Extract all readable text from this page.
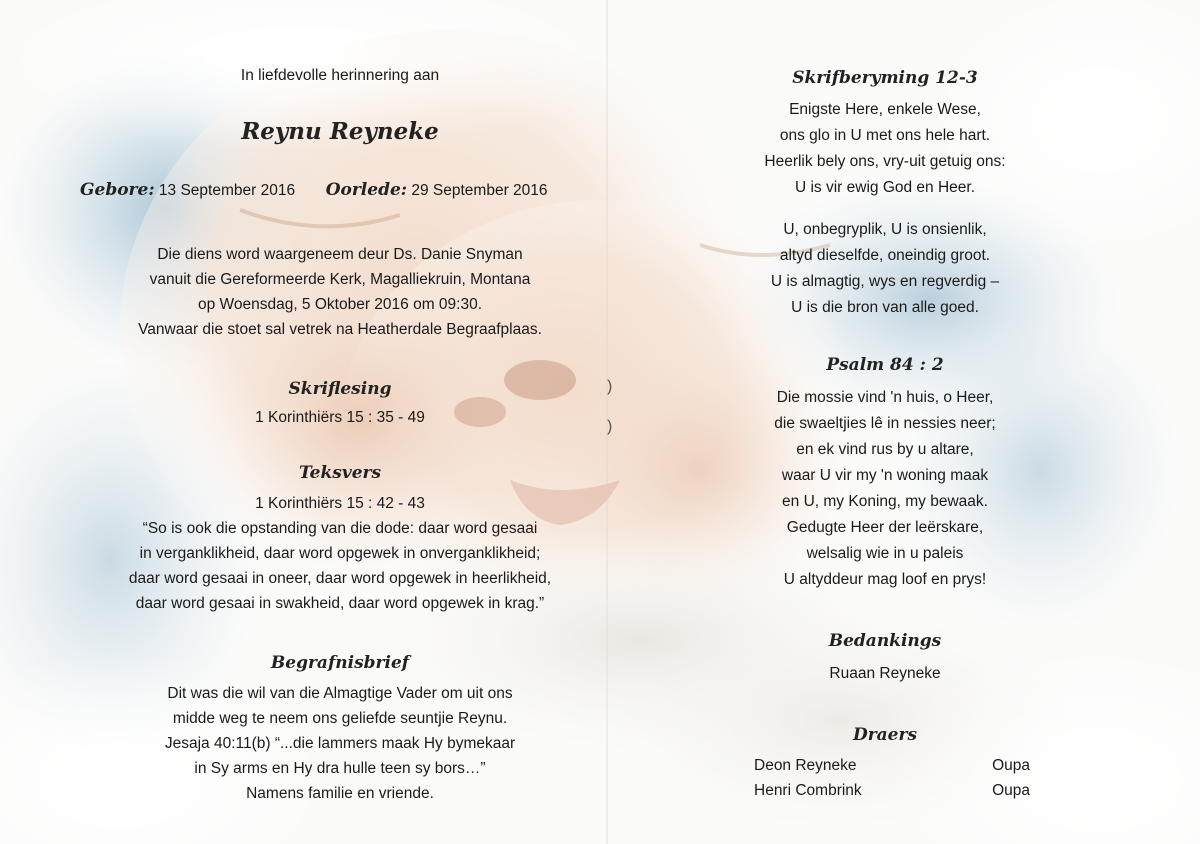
)
)
In liefdevolle herinnering aan
Reynu Reyneke
Gebore: 13 September 2016 Oorlede: 29 September 2016
Die diens word waargeneem deur Ds. Danie Snyman
vanuit die Gereformeerde Kerk, Magalliekruin, Montana
op Woensdag, 5 Oktober 2016 om 09:30.
Vanwaar die stoet sal vetrek na Heatherdale Begraafplaas.
Skriflesing
1 Korinthiërs 15 : 35 - 49
Teksvers
1 Korinthiërs 15 : 42 - 43
“So is ook die opstanding van die dode: daar word gesaai
in verganklikheid, daar word opgewek in onverganklikheid;
daar word gesaai in oneer, daar word opgewek in heerlikheid,
daar word gesaai in swakheid, daar word opgewek in krag.”
Begrafnisbrief
Dit was die wil van die Almagtige Vader om uit ons
midde weg te neem ons geliefde seuntjie Reynu.
Jesaja 40:11(b) “...die lammers maak Hy bymekaar
in Sy arms en Hy dra hulle teen sy bors…”
Namens familie en vriende.
Skrifberyming 12-3
Enigste Here, enkele Wese,
ons glo in U met ons hele hart.
Heerlik bely ons, vry-uit getuig ons:
U is vir ewig God en Heer.
U, onbegryplik, U is onsienlik,
altyd dieselfde, oneindig groot.
U is almagtig, wys en regverdig –
U is die bron van alle goed.
Psalm 84 : 2
Die mossie vind 'n huis, o Heer,
die swaeltjies lê in nessies neer;
en ek vind rus by u altare,
waar U vir my 'n woning maak
en U, my Koning, my bewaak.
Gedugte Heer der leërskare,
welsalig wie in u paleis
U altyddeur mag loof en prys!
Bedankings
Ruaan Reyneke
Draers
Deon Reyneke	Oupa
Henri Combrink	Oupa
